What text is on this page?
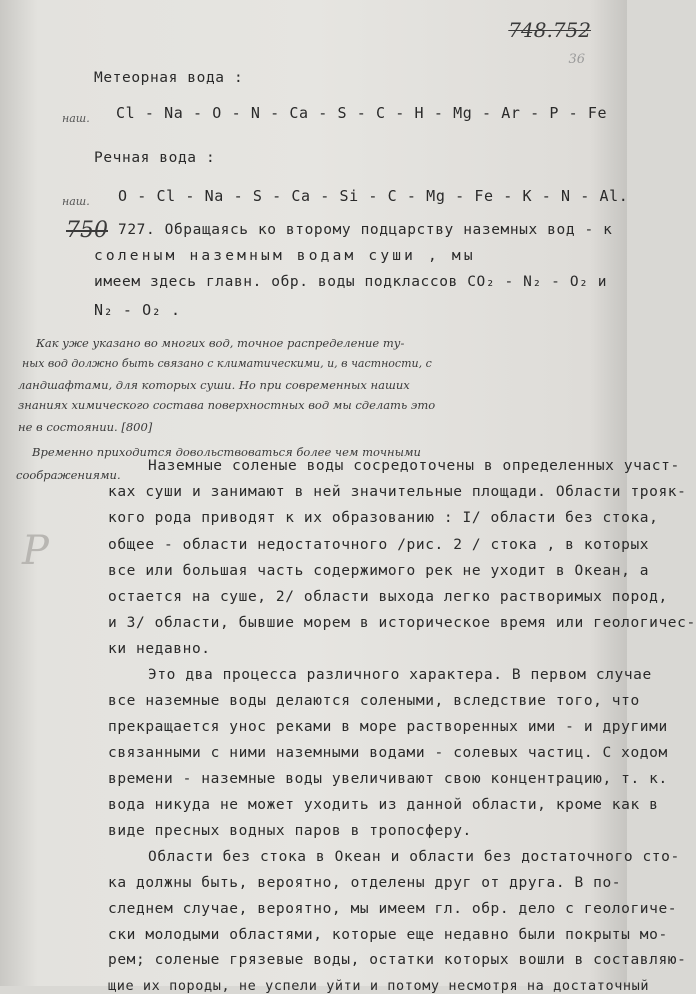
748.752
36
Метеорная вода :
наш. Cl - Na - O - N - Ca - S - C - H - Mg - Ar - P - Fe
Речная вода :
наш. O - Cl - Na - S - Ca - Si - C - Mg - Fe - K - N - Al.
750 727. Обращаясь ко второму подцарству наземных вод - к
соленым наземным водам суши , мы
имеем здесь главн. обр. воды подклассов CO₂ - N₂ - O₂ и
N₂ - O₂ .
Как уже указано во многих вод, точное распределение ту-
ных вод должно быть связано с климатическими, и, в частности, с
ландшафтами, для которых суши. Но при современных наших
знаниях химического состава поверхностных вод мы сделать это
не в состоянии. [800]
Временно приходится довольствоваться более чем точными
соображениями.
Наземные соленые воды сосредоточены в определенных участ-
ках суши и занимают в ней значительные площади. Области трояк-
кого рода приводят к их образованию : I/ области без стока,
общее - области недостаточного /рис. 2 / стока , в которых
все или большая часть содержимого рек не уходит в Океан, а
остается на суше, 2/ области выхода легко растворимых пород,
и 3/ области, бывшие морем в историческое время или геологичес-
ки недавно.
Это два процесса различного характера. В первом случае
все наземные воды делаются солеными, вследствие того, что
прекращается унос реками в море растворенных ими - и другими
связанными с ними наземными водами - солевых частиц. С ходом
времени - наземные воды увеличивают свою концентрацию, т. к.
вода никуда не может уходить из данной области, кроме как в
виде пресных водных паров в тропосферу.
Области без стока в Океан и области без достаточного сто-
ка должны быть, вероятно, отделены друг от друга. В по-
следнем случае, вероятно, мы имеем гл. обр. дело с геологиче-
ски молодыми областями, которые еще недавно были покрыты мо-
рем; соленые грязевые воды, остатки которых вошли в составляю-
щие их породы, не успели уйти и потому несмотря на достаточный
P
